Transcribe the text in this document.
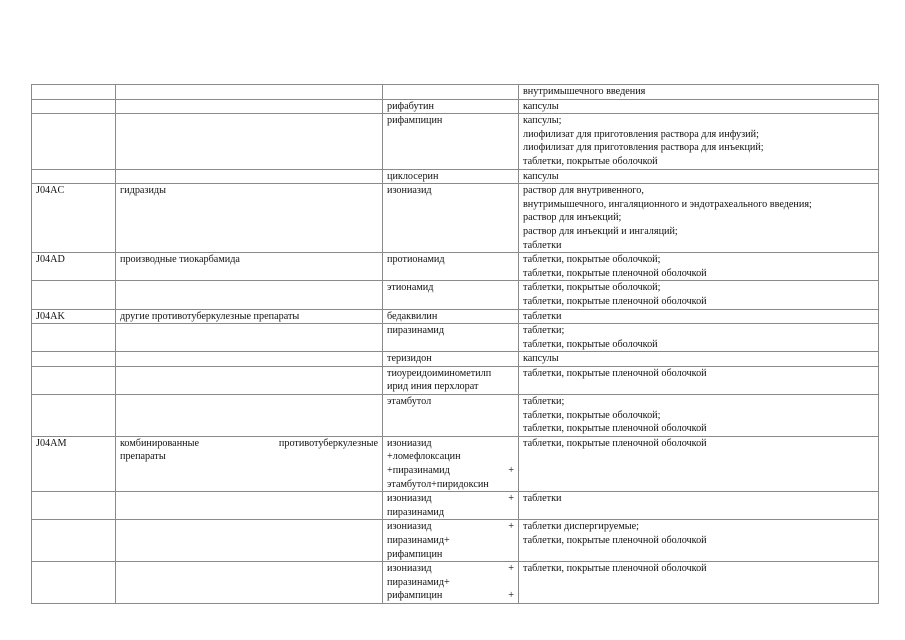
			внутримышечного введения

		рифабутин	капсулы

		рифампицин	капсулы;
лиофилизат для приготовления раствора для инфузий;
лиофилизат для приготовления раствора для инъекций;
таблетки, покрытые оболочкой

		циклосерин	капсулы

J04AC	гидразиды	изониазид	раствор для внутривенного,
внутримышечного, ингаляционного и эндотрахеального введения;
раствор для инъекций;
раствор для инъекций и ингаляций;
таблетки

J04AD	производные тиокарбамида	протионамид	таблетки, покрытые оболочкой;
таблетки, покрытые пленочной оболочкой

		этионамид	таблетки, покрытые оболочкой;
таблетки, покрытые пленочной оболочкой

J04AK	другие противотуберкулезные препараты	бедаквилин	таблетки

		пиразинамид	таблетки;
таблетки, покрытые оболочкой

		теризидон	капсулы

		тиоуреидоиминометилп
ирид иния перхлорат	таблетки, покрытые пленочной оболочкой

		этамбутол	таблетки;
таблетки, покрытые оболочкой;
таблетки, покрытые пленочной оболочкой

J04AM	комбинированные противотуберкулезные
препараты	изониазид
+ломефлоксацин
+пиразинамид +
этамбутол+пиридоксин	таблетки, покрытые пленочной оболочкой

		изониазид +
пиразинамид	таблетки

		изониазид +
пиразинамид+
рифампицин	таблетки диспергируемые;
таблетки, покрытые пленочной оболочкой

		изониазид +
пиразинамид+
рифампицин +	таблетки, покрытые пленочной оболочкой
